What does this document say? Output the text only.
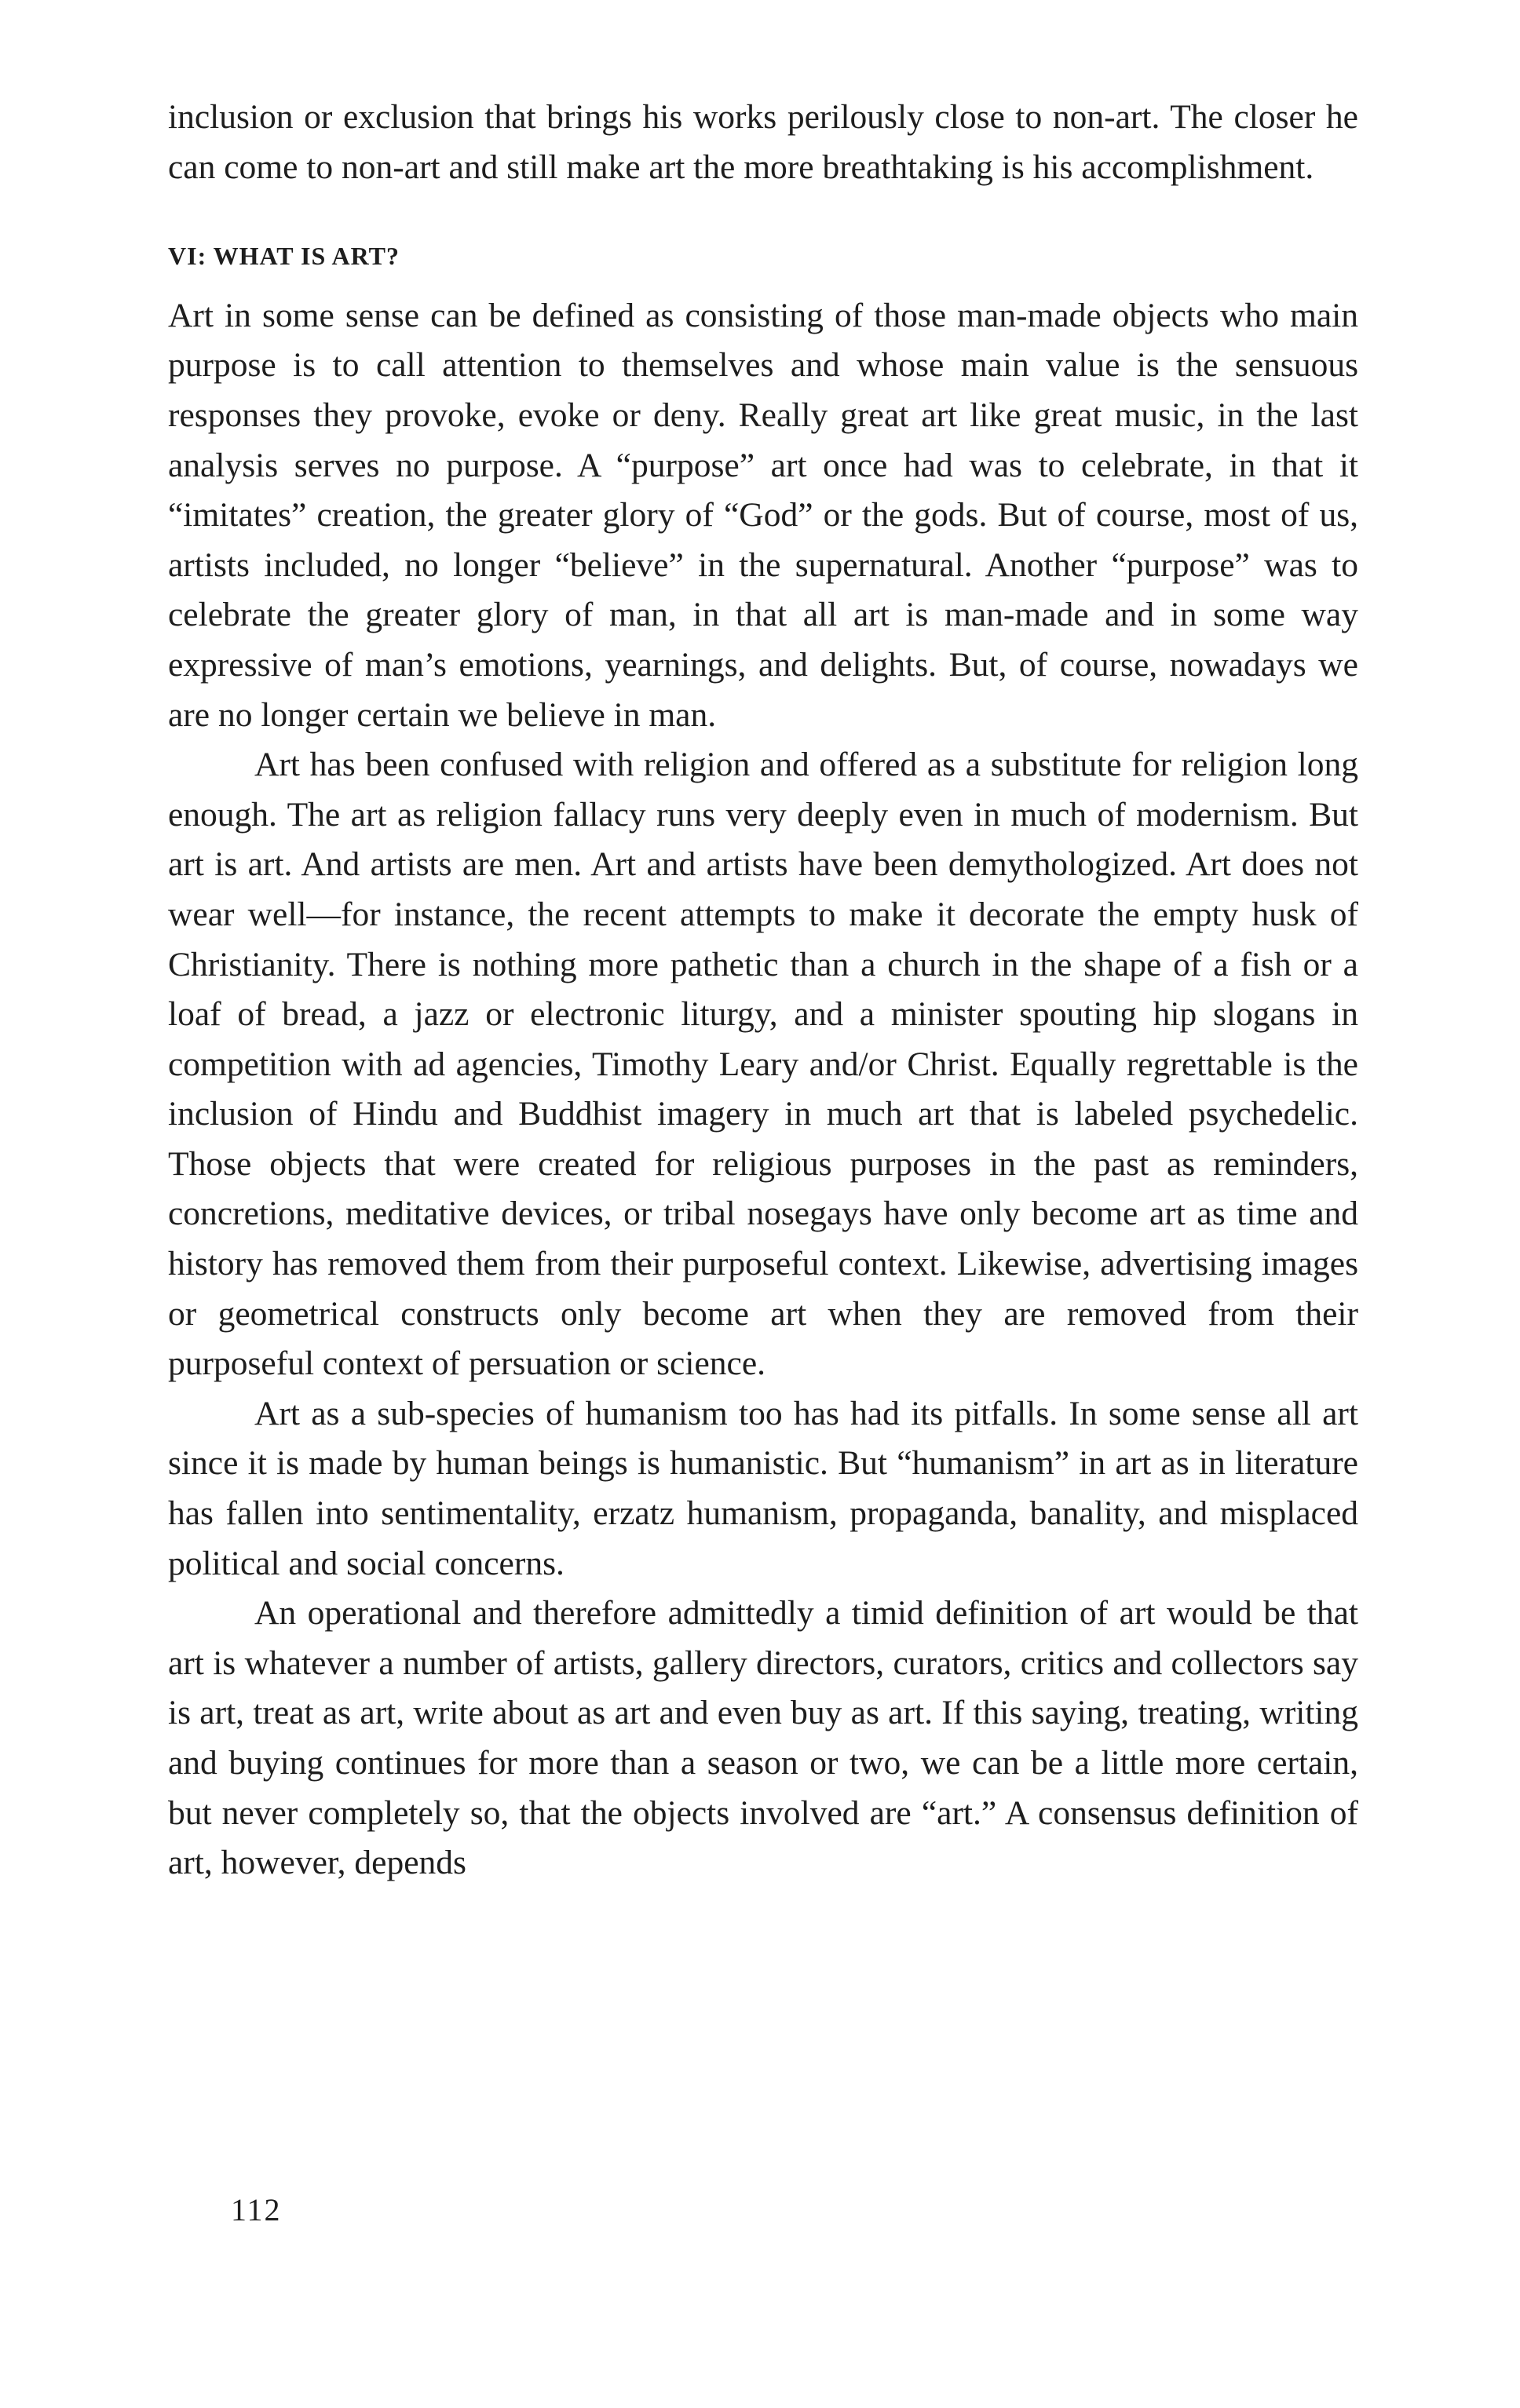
inclusion or exclusion that brings his works perilously close to non-art. The closer he can come to non-art and still make art the more breathtaking is his accomplishment.

VI: WHAT IS ART?

Art in some sense can be defined as consisting of those man-made objects who main purpose is to call attention to themselves and whose main value is the sensuous responses they provoke, evoke or deny. Really great art like great music, in the last analysis serves no purpose. A “purpose” art once had was to celebrate, in that it “imitates” creation, the greater glory of “God” or the gods. But of course, most of us, artists included, no longer “believe” in the supernatural. Another “purpose” was to celebrate the greater glory of man, in that all art is man-made and in some way expressive of man’s emotions, yearnings, and delights. But, of course, nowadays we are no longer certain we believe in man.

Art has been confused with religion and offered as a substitute for religion long enough. The art as religion fallacy runs very deeply even in much of modernism. But art is art. And artists are men. Art and artists have been demythologized. Art does not wear well—for instance, the recent attempts to make it decorate the empty husk of Christianity. There is nothing more pathetic than a church in the shape of a fish or a loaf of bread, a jazz or electronic liturgy, and a minister spouting hip slogans in competition with ad agencies, Timothy Leary and/or Christ. Equally regrettable is the inclusion of Hindu and Buddhist imagery in much art that is labeled psychedelic. Those objects that were created for religious purposes in the past as reminders, concretions, meditative devices, or tribal nosegays have only become art as time and history has removed them from their purposeful context. Likewise, advertising images or geometrical constructs only become art when they are removed from their purposeful context of persuation or science.

Art as a sub-species of humanism too has had its pitfalls. In some sense all art since it is made by human beings is humanistic. But “humanism” in art as in literature has fallen into sentimentality, erzatz humanism, propaganda, banality, and misplaced political and social concerns.

An operational and therefore admittedly a timid definition of art would be that art is whatever a number of artists, gallery directors, curators, critics and collectors say is art, treat as art, write about as art and even buy as art. If this saying, treating, writing and buying continues for more than a season or two, we can be a little more certain, but never completely so, that the objects involved are “art.” A consensus definition of art, however, depends

112
